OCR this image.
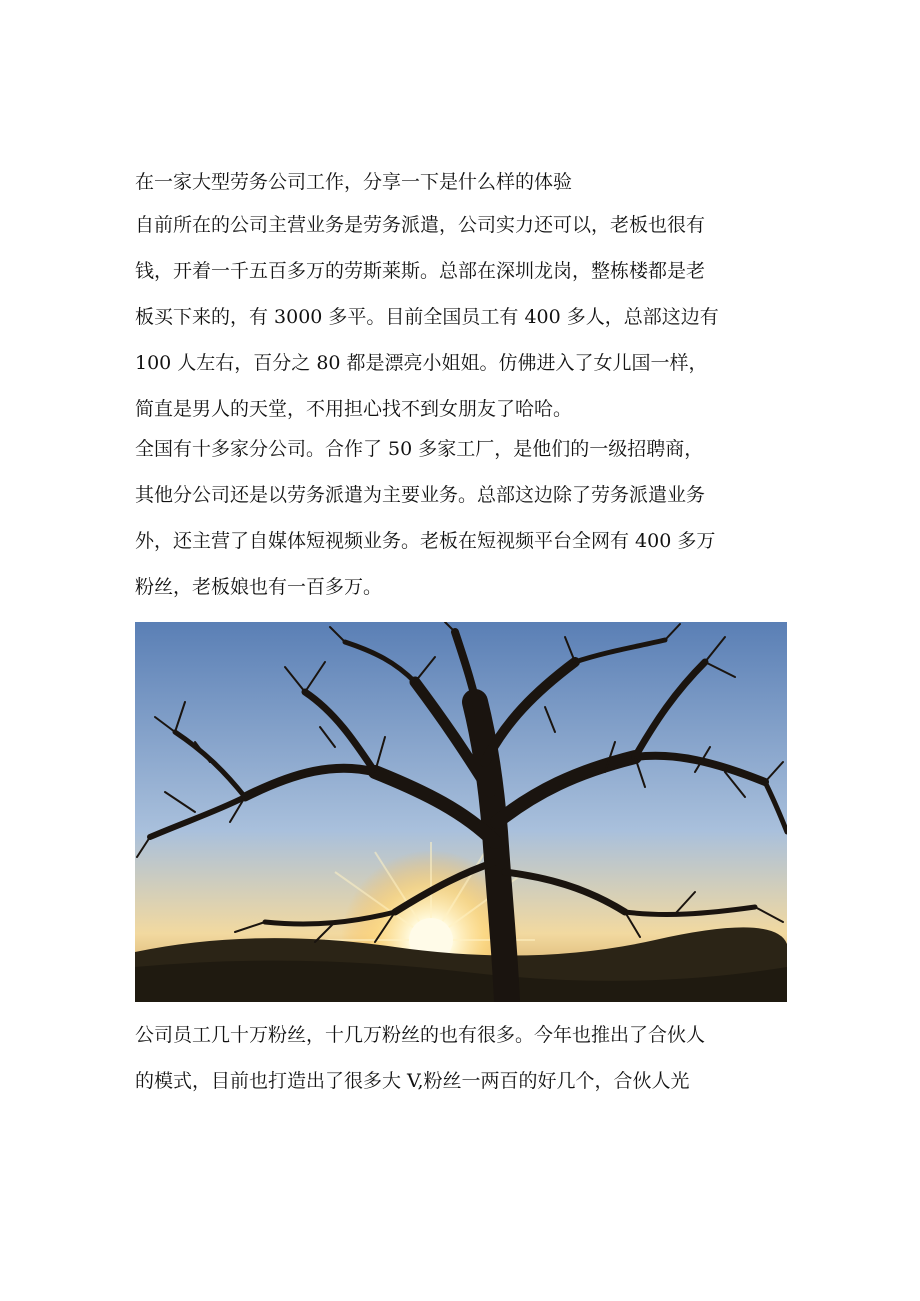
在一家大型劳务公司工作，分享一下是什么样的体验

自前所在的公司主营业务是劳务派遣，公司实力还可以，老板也很有
钱，开着一千五百多万的劳斯莱斯。总部在深圳龙岗，整栋楼都是老
板买下来的，有 3000 多平。目前全国员工有 400 多人，总部这边有
100 人左右，百分之 80 都是漂亮小姐姐。仿佛进入了女儿国一样，
简直是男人的天堂，不用担心找不到女朋友了哈哈。

全国有十多家分公司。合作了 50 多家工厂，是他们的一级招聘商，
其他分公司还是以劳务派遣为主要业务。总部这边除了劳务派遣业务
外，还主营了自媒体短视频业务。老板在短视频平台全网有 400 多万
粉丝，老板娘也有一百多万。

公司员工几十万粉丝，十几万粉丝的也有很多。今年也推出了合伙人
的模式，目前也打造出了很多大 V,粉丝一两百的好几个，合伙人光
